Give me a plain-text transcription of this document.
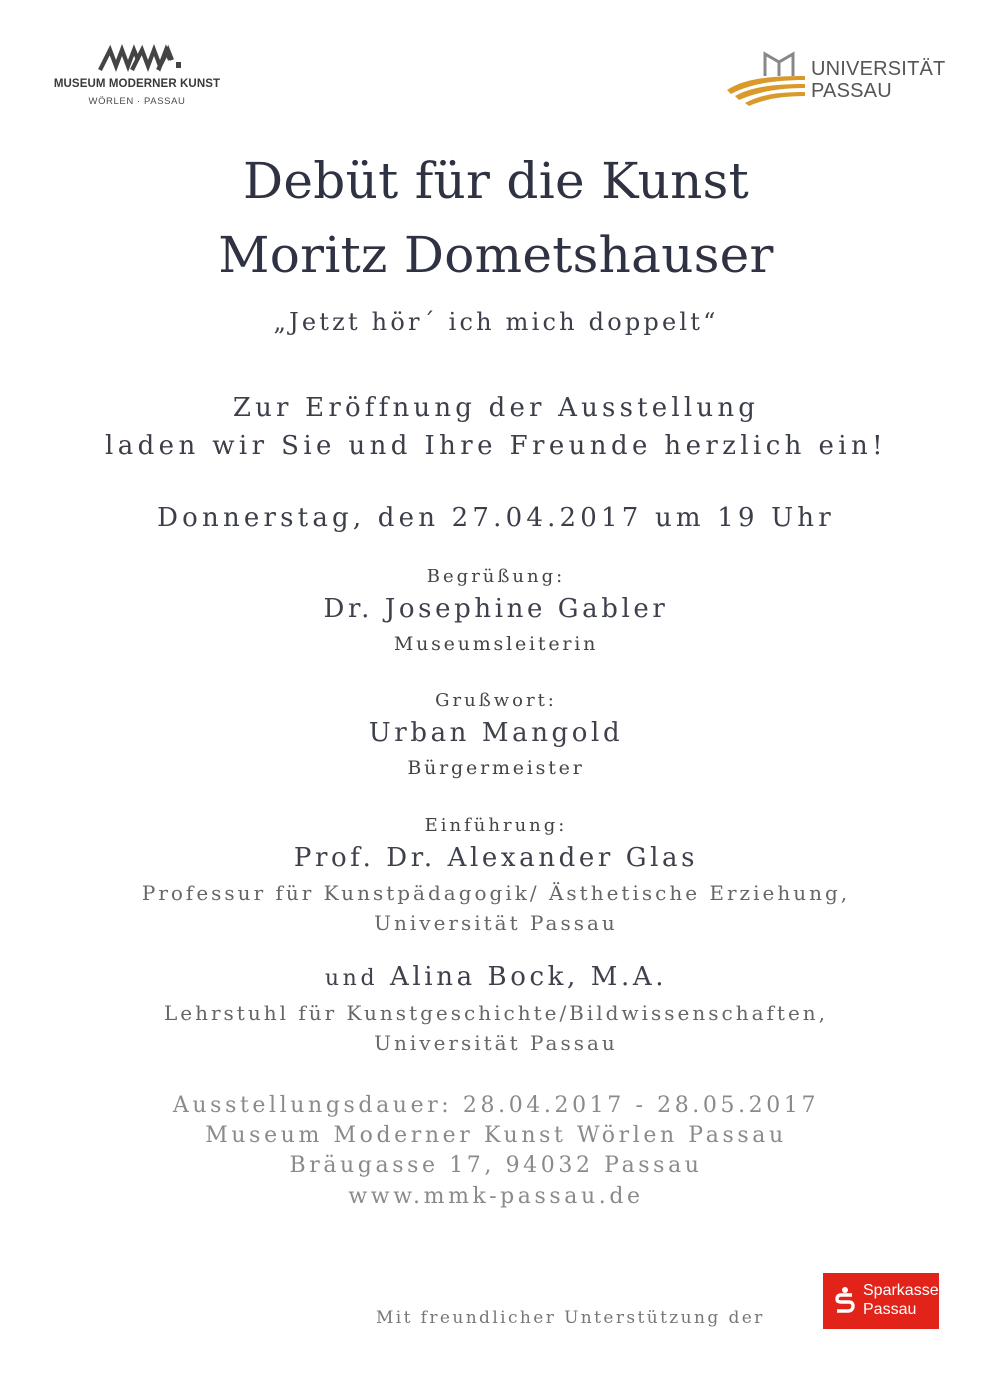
MUSEUM MODERNER KUNST
WÖRLEN · PASSAU
UNIVERSITÄT
PASSAU
Debüt für die Kunst
Moritz Dometshauser
„Jetzt hör´ ich mich doppelt“
Zur Eröffnung der Ausstellung
laden wir Sie und Ihre Freunde herzlich ein!
Donnerstag, den 27.04.2017 um 19 Uhr
Begrüßung:
Dr. Josephine Gabler
Museumsleiterin
Grußwort:
Urban Mangold
Bürgermeister
Einführung:
Prof. Dr. Alexander Glas
Professur für Kunstpädagogik/ Ästhetische Erziehung,
Universität Passau
und Alina Bock, M.A.
Lehrstuhl für Kunstgeschichte/Bildwissenschaften,
Universität Passau
Ausstellungsdauer: 28.04.2017 - 28.05.2017
Museum Moderner Kunst Wörlen Passau
Bräugasse 17, 94032 Passau
www.mmk-passau.de
Mit freundlicher Unterstützung der
Sparkasse
Passau
